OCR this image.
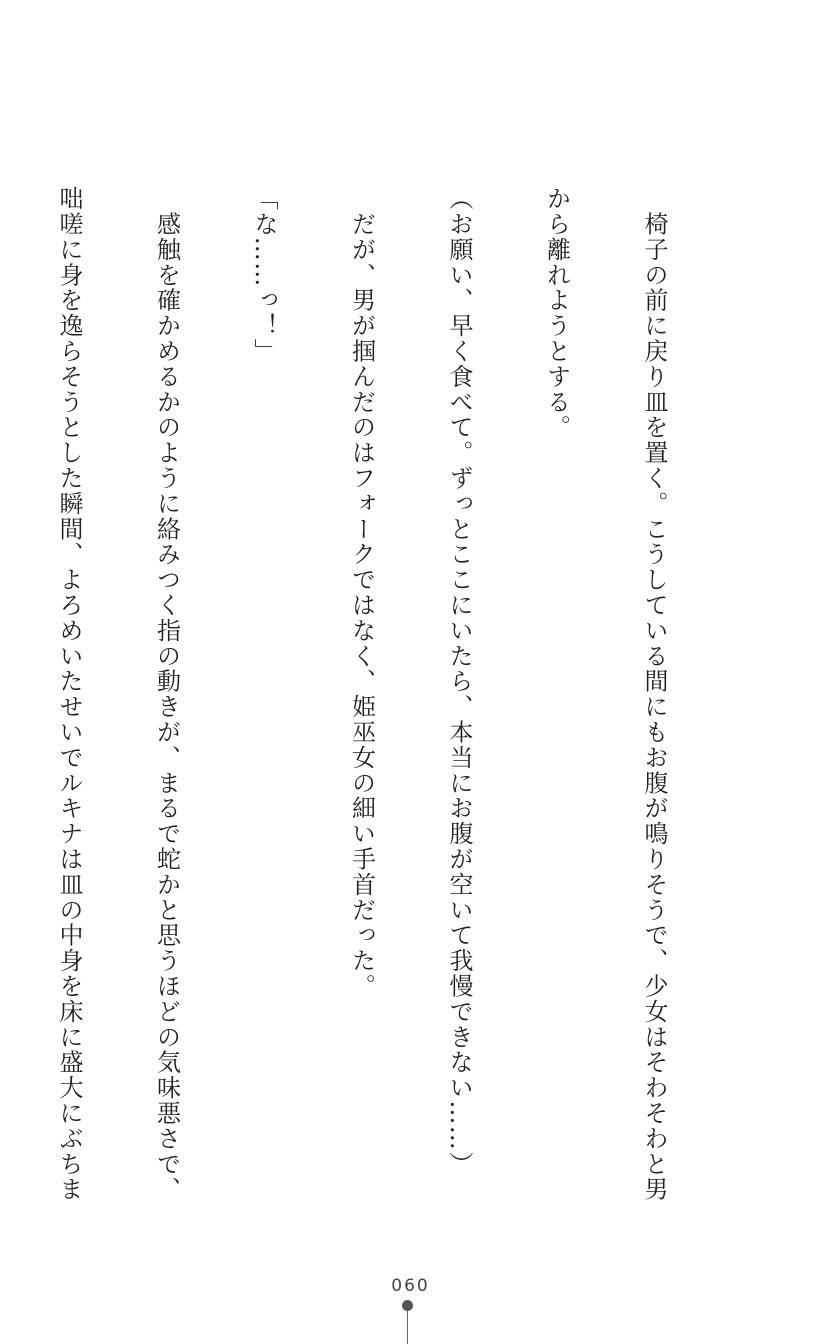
　椅子の前に戻り皿を置く。こうしている間にもお腹が鳴りそうで、少女はそわそわと男

から離れようとする。

（お願い、早く食べて。ずっとここにいたら、本当にお腹が空いて我慢できない……）

　だが、男が掴んだのはフォークではなく、姫巫女の細い手首だった。

「な……っ！」

　感触を確かめるかのように絡みつく指の動きが、まるで蛇かと思うほどの気味悪さで、

咄嗟に身を逸らそうとした瞬間、よろめいたせいでルキナは皿の中身を床に盛大にぶちま

060
